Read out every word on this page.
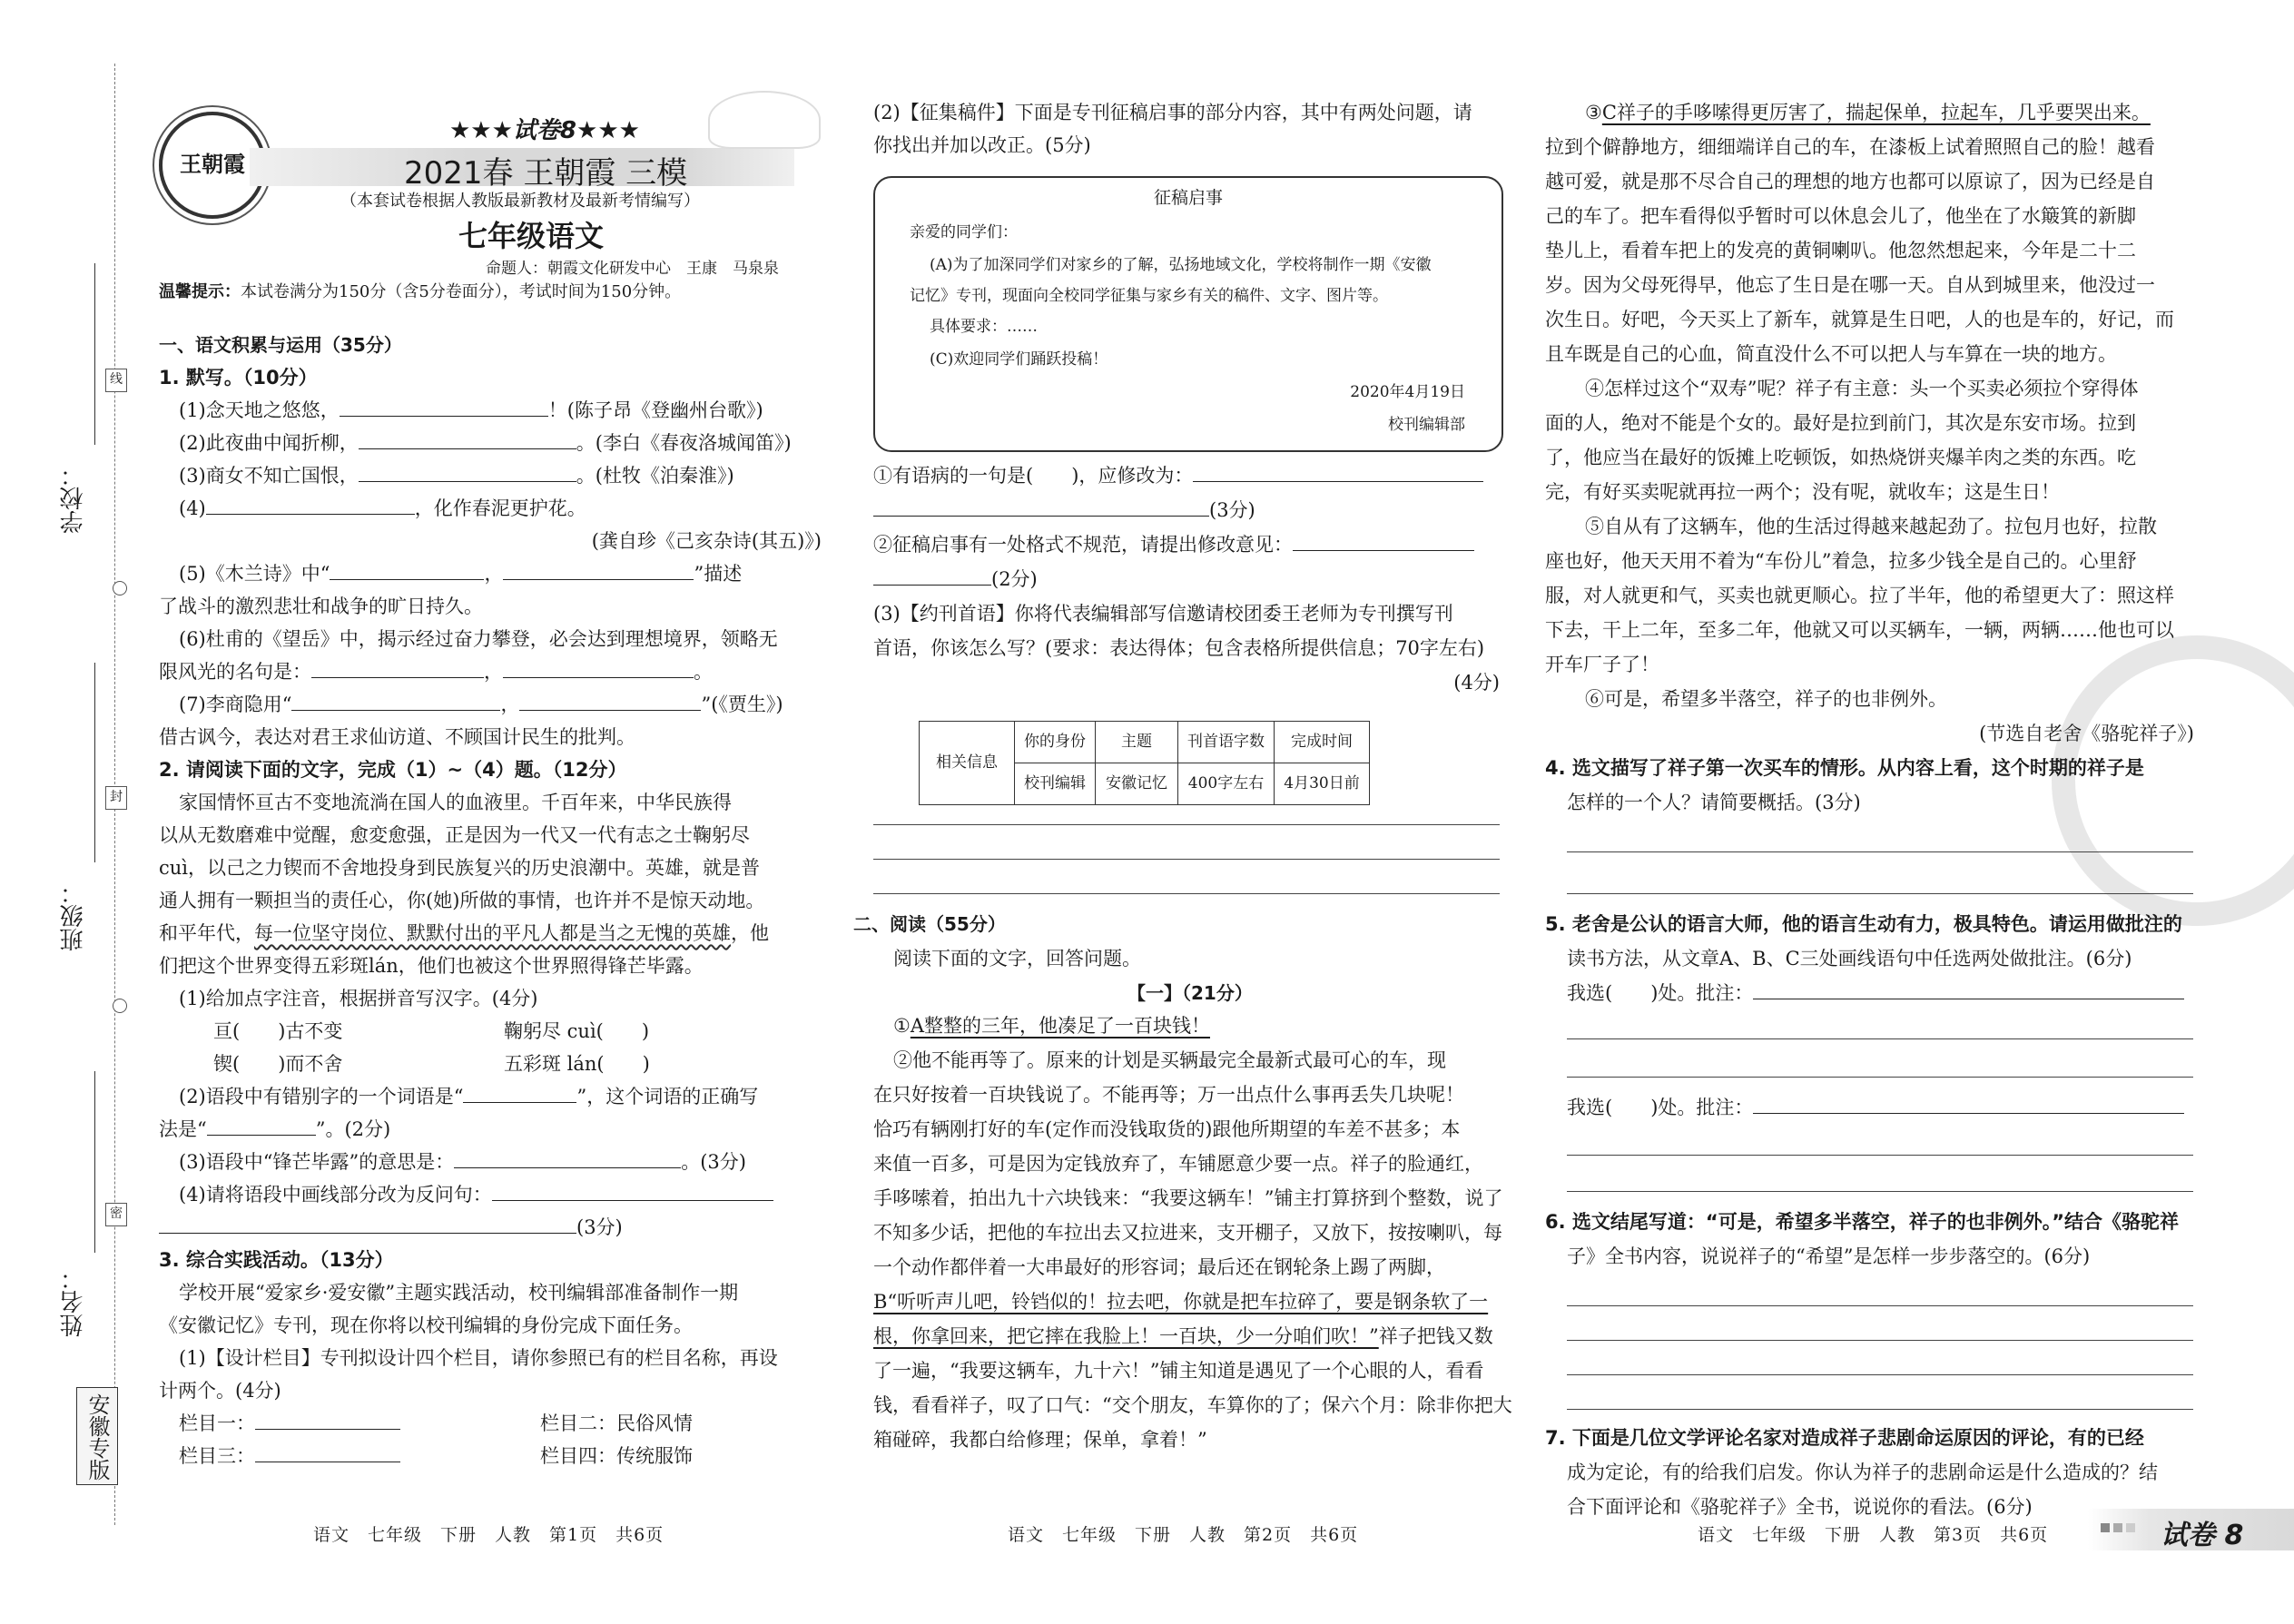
学校：
班级：
姓名：
线
封
密
安徽专版
王朝霞
★★★试卷8★★★
2021春 王朝霞 三模
（本套试卷根据人教版最新教材及最新考情编写）
七年级语文
命题人：朝霞文化研发中心　王康　马泉泉
温馨提示：本试卷满分为150分（含5分卷面分），考试时间为150分钟。
一、语文积累与运用（35分）
1. 默写。（10分）
(1)念天地之悠悠，	！(陈子昂《登幽州台歌》)
(2)此夜曲中闻折柳，	。(李白《春夜洛城闻笛》)
(3)商女不知亡国恨，	。(杜牧《泊秦淮》)
(4)	，化作春泥更护花。
(龚自珍《己亥杂诗(其五)》)
(5)《木兰诗》中“	，	”描述
了战斗的激烈悲壮和战争的旷日持久。
(6)杜甫的《望岳》中，揭示经过奋力攀登，必会达到理想境界，领略无
限风光的名句是：	，	。
(7)李商隐用“	，	”(《贾生》)
借古讽今，表达对君王求仙访道、不顾国计民生的批判。
2. 请阅读下面的文字，完成（1）~（4）题。（12分）
家国情怀亘古不变地流淌在国人的血液里。千百年来，中华民族得
以从无数磨难中觉醒，愈変愈强，正是因为一代又一代有志之士鞠躬尽
cuì，以己之力锲而不舍地投身到民族复兴的历史浪潮中。英雄，就是普
通人拥有一颗担当的责任心，你(她)所做的事情，也许并不是惊天动地。
和平年代，每一位坚守岗位、默默付出的平凡人都是当之无愧的英雄，他
们把这个世界变得五彩斑lán，他们也被这个世界照得锋芒毕露。
(1)给加点字注音，根据拼音写汉字。(4分)
亘(　　)古不变	鞠躬尽 cuì(　　)
锲(　　)而不舍	五彩斑 lán(　　)
(2)语段中有错别字的一个词语是“	”，这个词语的正确写
法是“	”。(2分)
(3)语段中“锋芒毕露”的意思是：	。(3分)
(4)请将语段中画线部分改为反问句：
(3分)
3. 综合实践活动。（13分）
学校开展“爱家乡·爱安徽”主题实践活动，校刊编辑部准备制作一期
《安徽记忆》专刊，现在你将以校刊编辑的身份完成下面任务。
(1)【设计栏目】专刊拟设计四个栏目，请你参照已有的栏目名称，再设
计两个。(4分)
栏目一：	栏目二：民俗风情
栏目三：	栏目四：传统服饰
(2)【征集稿件】下面是专刊征稿启事的部分内容，其中有两处问题，请
你找出并加以改正。(5分)
征稿启事
亲爱的同学们：
(A)为了加深同学们对家乡的了解，弘扬地域文化，学校将制作一期《安徽
记忆》专刊，现面向全校同学征集与家乡有关的稿件、文字、图片等。
具体要求：……
(C)欢迎同学们踊跃投稿！
2020年4月19日
校刊编辑部
①有语病的一句是(　　)，应修改为：
(3分)
②征稿启事有一处格式不规范，请提出修改意见：
(2分)
(3)【约刊首语】你将代表编辑部写信邀请校团委王老师为专刊撰写刊
首语，你该怎么写？(要求：表达得体；包含表格所提供信息；70字左右)
(4分)
相关信息	你的身份	主题	刊首语字数	完成时间
	校刊编辑	安徽记忆	400字左右	4月30日前
二、阅读（55分）
阅读下面的文字，回答问题。
【一】（21分）
①A整整的三年，他凑足了一百块钱！
②他不能再等了。原来的计划是买辆最完全最新式最可心的车，现
在只好按着一百块钱说了。不能再等；万一出点什么事再丢失几块呢！
恰巧有辆刚打好的车(定作而没钱取货的)跟他所期望的车差不甚多；本
来值一百多，可是因为定钱放弃了，车铺愿意少要一点。祥子的脸通红，
手哆嗦着，拍出九十六块钱来：“我要这辆车！”铺主打算挤到个整数，说了
不知多少话，把他的车拉出去又拉进来，支开棚子，又放下，按按喇叭，每
一个动作都伴着一大串最好的形容词；最后还在钢轮条上踢了两脚，
B“听听声儿吧，铃铛似的！拉去吧，你就是把车拉碎了，要是钢条软了一
根，你拿回来，把它摔在我脸上！一百块，少一分咱们吹！”祥子把钱又数
了一遍，“我要这辆车，九十六！”铺主知道是遇见了一个心眼的人，看看
钱，看看祥子，叹了口气：“交个朋友，车算你的了；保六个月：除非你把大
箱碰碎，我都白给修理；保单，拿着！”
③C祥子的手哆嗦得更厉害了，揣起保单，拉起车，几乎要哭出来。
拉到个僻静地方，细细端详自己的车，在漆板上试着照照自己的脸！越看
越可爱，就是那不尽合自己的理想的地方也都可以原谅了，因为已经是自
己的车了。把车看得似乎暂时可以休息会儿了，他坐在了水簸箕的新脚
垫儿上，看着车把上的发亮的黄铜喇叭。他忽然想起来，今年是二十二
岁。因为父母死得早，他忘了生日是在哪一天。自从到城里来，他没过一
次生日。好吧，今天买上了新车，就算是生日吧，人的也是车的，好记，而
且车既是自己的心血，简直没什么不可以把人与车算在一块的地方。
④怎样过这个“双寿”呢？祥子有主意：头一个买卖必须拉个穿得体
面的人，绝对不能是个女的。最好是拉到前门，其次是东安市场。拉到
了，他应当在最好的饭摊上吃顿饭，如热烧饼夹爆羊肉之类的东西。吃
完，有好买卖呢就再拉一两个；没有呢，就收车；这是生日！
⑤自从有了这辆车，他的生活过得越来越起劲了。拉包月也好，拉散
座也好，他天天用不着为“车份儿”着急，拉多少钱全是自己的。心里舒
服，对人就更和气，买卖也就更顺心。拉了半年，他的希望更大了：照这样
下去，干上二年，至多二年，他就又可以买辆车，一辆，两辆……他也可以
开车厂子了！
⑥可是，希望多半落空，祥子的也非例外。
(节选自老舍《骆驼祥子》)
4. 选文描写了祥子第一次买车的情形。从内容上看，这个时期的祥子是
怎样的一个人？请简要概括。(3分)
5. 老舍是公认的语言大师，他的语言生动有力，极具特色。请运用做批注的
读书方法，从文章A、B、C三处画线语句中任选两处做批注。(6分)
我选(　　)处。批注：
我选(　　)处。批注：
6. 选文结尾写道：“可是，希望多半落空，祥子的也非例外。”结合《骆驼祥
子》全书内容，说说祥子的“希望”是怎样一步步落空的。(6分)
7. 下面是几位文学评论名家对造成祥子悲剧命运原因的评论，有的已经
成为定论，有的给我们启发。你认为祥子的悲剧命运是什么造成的？结
合下面评论和《骆驼祥子》全书，说说你的看法。(6分)
语文　七年级　下册　人教　第1页　共6页	语文　七年级　下册　人教　第2页　共6页	语文　七年级　下册　人教　第3页　共6页	试卷 8
